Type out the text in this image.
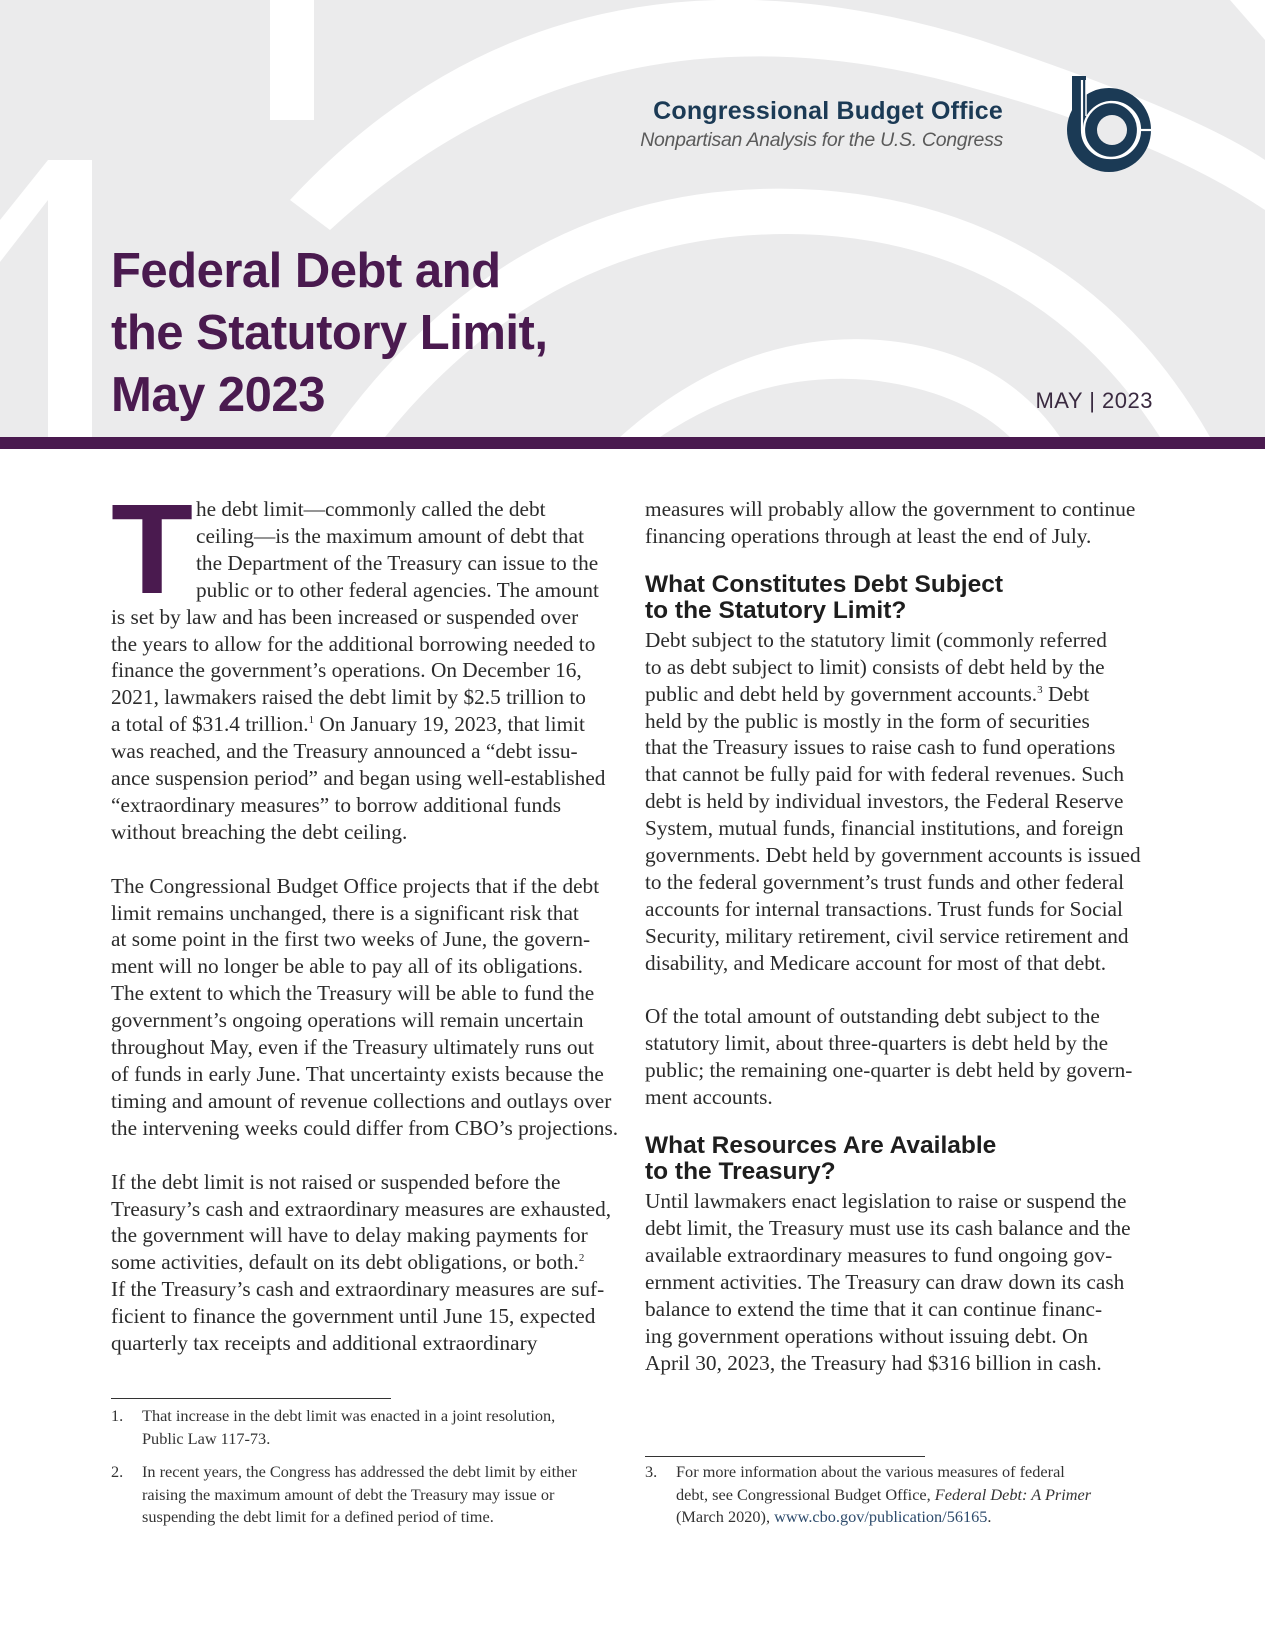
Congressional Budget Office
Nonpartisan Analysis for the U.S. Congress
Federal Debt and
the Statutory Limit,
May 2023	MAY | 2023
T he debt limit—commonly called the debt
ceiling—is the maximum amount of debt that
the Department of the Treasury can issue to the
public or to other federal agencies. The amount
is set by law and has been increased or suspended over
the years to allow for the additional borrowing needed to
finance the government’s operations. On December 16,
2021, lawmakers raised the debt limit by $2.5 trillion to
a total of $31.4 trillion.$^1$ On January 19, 2023, that limit
was reached, and the Treasury announced a “debt issu-
ance suspension period” and began using well-established
“extraordinary measures” to borrow additional funds
without breaching the debt ceiling.
The Congressional Budget Office projects that if the debt
limit remains unchanged, there is a significant risk that
at some point in the first two weeks of June, the govern-
ment will no longer be able to pay all of its obligations.
The extent to which the Treasury will be able to fund the
government’s ongoing operations will remain uncertain
throughout May, even if the Treasury ultimately runs out
of funds in early June. That uncertainty exists because the
timing and amount of revenue collections and outlays over
the intervening weeks could differ from CBO’s projections.
If the debt limit is not raised or suspended before the
Treasury’s cash and extraordinary measures are exhausted,
the government will have to delay making payments for
some activities, default on its debt obligations, or both.$^2$
If the Treasury’s cash and extraordinary measures are suf-
ficient to finance the government until June 15, expected
quarterly tax receipts and additional extraordinary
1.	That increase in the debt limit was enacted in a joint resolution,
Public Law 117-73.
2.	In recent years, the Congress has addressed the debt limit by either
raising the maximum amount of debt the Treasury may issue or
suspending the debt limit for a defined period of time.
measures will probably allow the government to continue
financing operations through at least the end of July.
What Constitutes Debt Subject
to the Statutory Limit?
Debt subject to the statutory limit (commonly referred
to as debt subject to limit) consists of debt held by the
public and debt held by government accounts.$^3$ Debt
held by the public is mostly in the form of securities
that the Treasury issues to raise cash to fund operations
that cannot be fully paid for with federal revenues. Such
debt is held by individual investors, the Federal Reserve
System, mutual funds, financial institutions, and foreign
governments. Debt held by government accounts is issued
to the federal government’s trust funds and other federal
accounts for internal transactions. Trust funds for Social
Security, military retirement, civil service retirement and
disability, and Medicare account for most of that debt.
Of the total amount of outstanding debt subject to the
statutory limit, about three-quarters is debt held by the
public; the remaining one-quarter is debt held by govern-
ment accounts.
What Resources Are Available
to the Treasury?
Until lawmakers enact legislation to raise or suspend the
debt limit, the Treasury must use its cash balance and the
available extraordinary measures to fund ongoing gov-
ernment activities. The Treasury can draw down its cash
balance to extend the time that it can continue financ-
ing government operations without issuing debt. On
April 30, 2023, the Treasury had $316 billion in cash.
3.	For more information about the various measures of federal
debt, see Congressional Budget Office, Federal Debt: A Primer
(March 2020), www.cbo.gov/publication/56165.
